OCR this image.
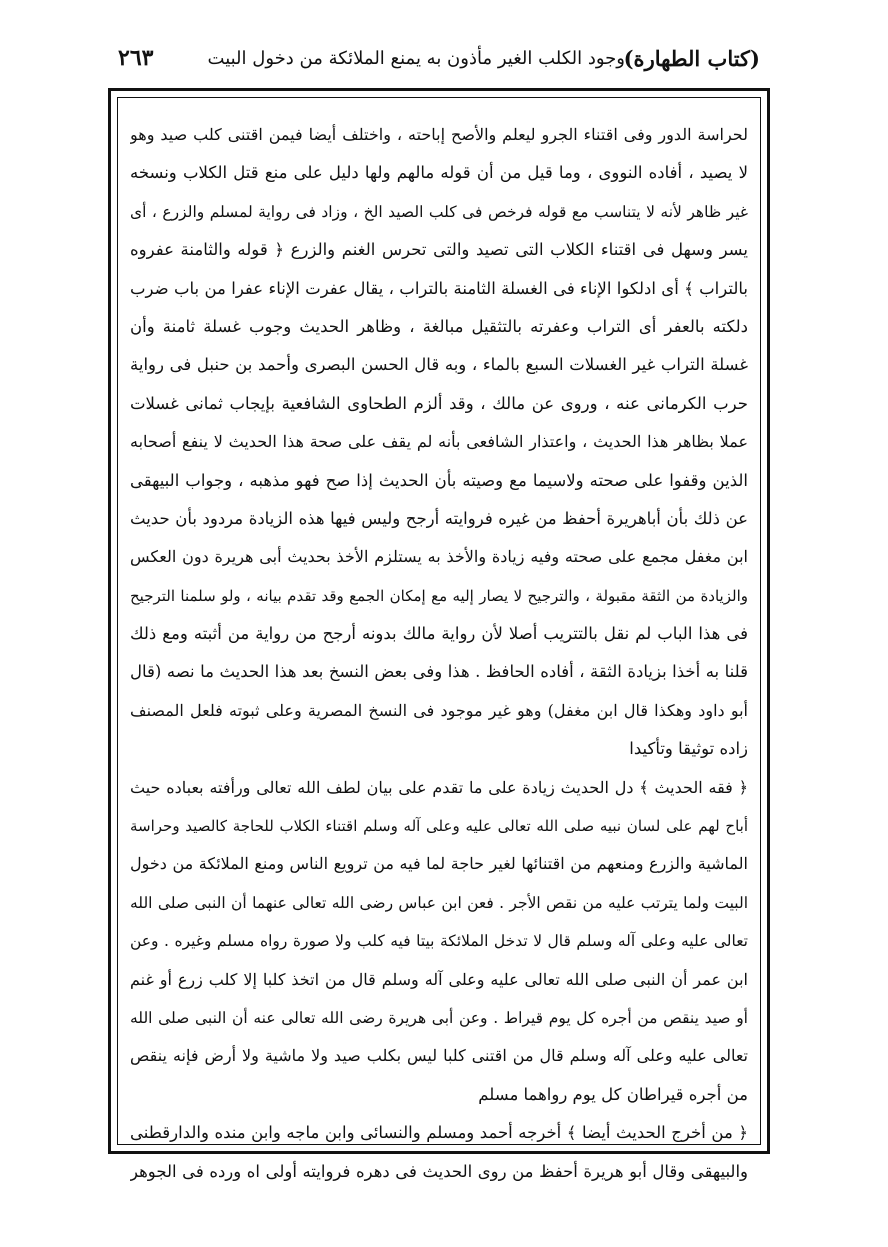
(كتاب الطهارة)
وجود الكلب الغير مأذون به يمنع الملائكة من دخول البيت
٢٦٣
لحراسة الدور وفى اقتناء الجرو ليعلم والأصح إباحته ، واختلف أيضا فيمن اقتنى كلب صيد وهو
لا يصيد ، أفاده النووى ، وما قيل من أن قوله مالهم ولها دليل على منع قتل الكلاب ونسخه
غير ظاهر لأنه لا يتناسب مع قوله فرخص فى كلب الصيد الخ ، وزاد فى رواية لمسلم والزرع ، أى
يسر وسهل فى اقتناء الكلاب التى تصيد والتى تحرس الغنم والزرع ﴿ قوله والثامنة عفروه
بالتراب ﴾ أى ادلكوا الإناء فى الغسلة الثامنة بالتراب ، يقال عفرت الإناء عفرا من باب ضرب
دلكته بالعفر أى التراب وعفرته بالتثقيل مبالغة ، وظاهر الحديث وجوب غسلة ثامنة وأن
غسلة التراب غير الغسلات السبع بالماء ، وبه قال الحسن البصرى وأحمد بن حنبل فى رواية
حرب الكرمانى عنه ، وروى عن مالك ، وقد ألزم الطحاوى الشافعية بإيجاب ثمانى غسلات
عملا بظاهر هذا الحديث ، واعتذار الشافعى بأنه لم يقف على صحة هذا الحديث لا ينفع أصحابه
الذين وقفوا على صحته ولاسيما مع وصيته بأن الحديث إذا صح فهو مذهبه ، وجواب البيهقى
عن ذلك بأن أباهريرة أحفظ من غيره فروايته أرجح وليس فيها هذه الزيادة مردود بأن حديث
ابن مغفل مجمع على صحته وفيه زيادة والأخذ به يستلزم الأخذ بحديث أبى هريرة دون العكس
والزيادة من الثقة مقبولة ، والترجيح لا يصار إليه مع إمكان الجمع وقد تقدم بيانه ، ولو سلمنا الترجيح
فى هذا الباب لم نقل بالتتريب أصلا لأن رواية مالك بدونه أرجح من رواية من أثبته ومع ذلك
قلنا به أخذا بزيادة الثقة ، أفاده الحافظ . هذا وفى بعض النسخ بعد هذا الحديث ما نصه (قال
أبو داود وهكذا قال ابن مغفل) وهو غير موجود فى النسخ المصرية وعلى ثبوته فلعل المصنف
زاده توثيقا وتأكيدا
﴿ فقه الحديث ﴾ دل الحديث زيادة على ما تقدم على بيان لطف الله تعالى ورأفته بعباده حيث
أباح لهم على لسان نبيه صلى الله تعالى عليه وعلى آله وسلم اقتناء الكلاب للحاجة كالصيد وحراسة
الماشية والزرع ومنعهم من اقتنائها لغير حاجة لما فيه من ترويع الناس ومنع الملائكة من دخول
البيت ولما يترتب عليه من نقص الأجر . فعن ابن عباس رضى الله تعالى عنهما أن النبى صلى الله
تعالى عليه وعلى آله وسلم قال لا تدخل الملائكة بيتا فيه كلب ولا صورة رواه مسلم وغيره . وعن
ابن عمر أن النبى صلى الله تعالى عليه وعلى آله وسلم قال من اتخذ كلبا إلا كلب زرع أو غنم
أو صيد ينقص من أجره كل يوم قيراط . وعن أبى هريرة رضى الله تعالى عنه أن النبى صلى الله
تعالى عليه وعلى آله وسلم قال من اقتنى كلبا ليس بكلب صيد ولا ماشية ولا أرض فإنه ينقص
من أجره قيراطان كل يوم رواهما مسلم
﴿ من أخرج الحديث أيضا ﴾ أخرجه أحمد ومسلم والنسائى وابن ماجه وابن منده والدارقطنى
والبيهقى وقال أبو هريرة أحفظ من روى الحديث فى دهره فروايته أولى اه ورده فى الجوهر
